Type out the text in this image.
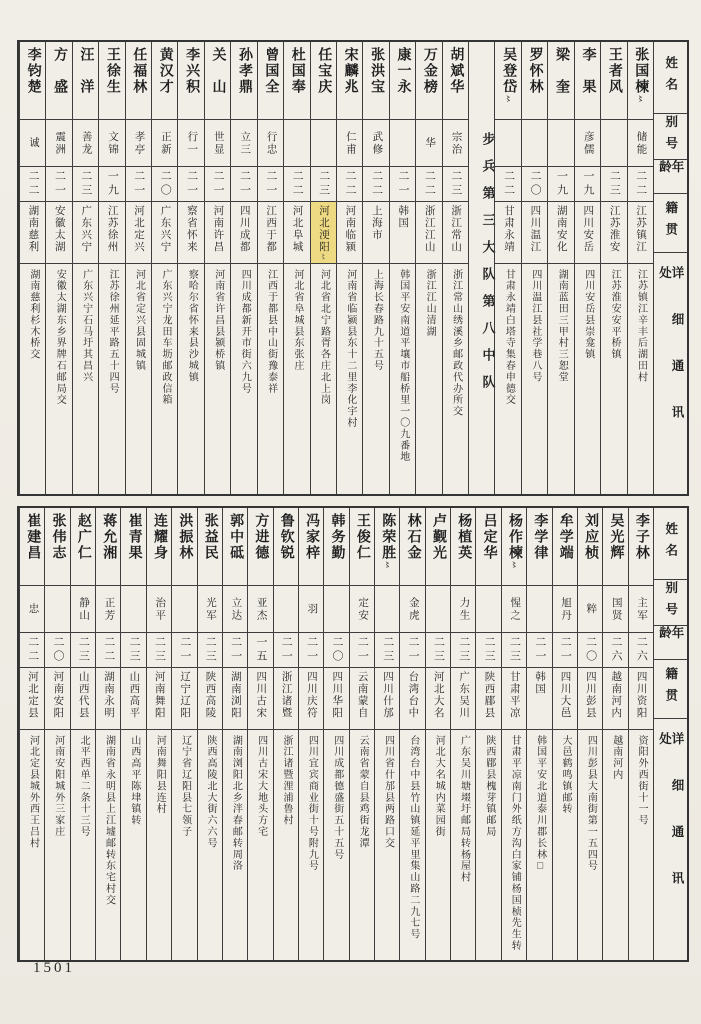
姓名
别号
年龄
籍贯
详细通讯处
张国楝〻
储能
二二
江苏镇江
江苏镇江辛丰后湖田村
王者风
二三
江苏淮安
江苏淮安安平桥镇
李果
彦儒
一九
四川安岳
四川安岳县崇龛镇
梁奎
一九
湖南安化
湖南蓝田三甲村三恕堂
罗怀林
二〇
四川温江
四川温江县社学巷八号
吴登岱〻
二二
甘肃永靖
甘肃永靖白塔寺集春申德交
步兵第三大队第八中队
胡斌华
宗治
二三
浙江常山
浙江常山绣溪乡邮政代办所交
万金榜
华
二二
浙江江山
浙江江山清湖
康一永
二一
韩国
韩国平安南道平壤市船桥里一〇九番地
张洪宝
武修
二二
上海市
上海长春路九十五号
宋麟兆
仁甫
二二
河南临颍
河南省临颍县东十二里李化宇村
任宝庆
二三
河北浭阳〻
河北省北宁路胥各庄北上岗
杜国奉
二二
河北阜城
河北省阜城县东张庄
曾国全
行忠
二一
江西于都
江西于都县中山街豫泰祥
孙孝鼎
立三
二一
四川成都
四川成都新开市街六九号
关山
世显
二一
河南许昌
河南省许昌县颍桥镇
李兴积
行一
二一
察省怀来
察哈尔省怀来县沙城镇
黄汉才
正新
二〇
广东兴宁
广东兴宁龙田车坜邮政信箱
任福林
孝亭
二一
河北定兴
河北省定兴县固城镇
王徐生
文锦
一九
江苏徐州
江苏徐州延平路五十四号
汪洋
善龙
二三
广东兴宁
广东兴宁石马圩其昌兴
方盛
震洲
二一
安徽太湖
安徽太湖东乡界牌石邮局交
李钧楚
诚
二二
湖南慈利
湖南慈利杉木桥交
姓名
别号
年龄
籍贯
详细通讯处
李子林
主军
二六
四川资阳
资阳外西街十一号
吴光辉
国贤
二六
越南河内
越南河内
刘应桢
粹
二〇
四川彭县
四川彭县大南街第一五四号
牟学端
旭丹
二一
四川大邑
大邑鹤鸣镇邮转
李学律
二一
韩国
韩国平安北道泰川郡长林□
杨作楝〻
惺之
二三
甘肃平凉
甘肃平凉南门外纸方沟白家铺杨国桢先生转
吕定华
二三
陕西郿县
陕西郿县槐芽镇邮局
杨植英
力生
二三
广东吴川
广东吴川塘㙍圩邮局转杨屋村
卢觐光
二三
河北大名
河北大名城内菜园街
林石金
金虎
二一
台湾台中
台湾台中县竹山镇延平里集山路二九七号
陈荣胜〻
二三
四川什邡
四川省什邡县两路口交
王俊仁
定安
二一
云南蒙自
云南省蒙自县鸡街龙潭
韩务勤
二〇
四川华阳
四川成都德盛街五十五号
冯家梓
羽
二一
四川庆符
四川宜宾商业街十号附九号
鲁钦锐
二一
浙江诸暨
浙江诸暨浬浦鲁村
方进德
亚杰
一五
四川古宋
四川古宋大地头方宅
郭中砥
立达
二一
湖南浏阳
湖南浏阳北乡泮春邮转周洛
张益民
光军
二三
陕西高陵
陕西高陵北大街六六号
洪振林
二一
辽宁辽阳
辽宁省辽阳县七领子
连耀身
治平
二三
河南舞阳
河南舞阳县连村
崔青果
二三
山西高平
山西高平陈垏镇转
蒋允湘
正芳
二二
湖南永明
湖南省永明县上江墟邮转东宅村交
赵广仁
静山
二三
山西代县
北平西单二条十三号
张伟志
二〇
河南安阳
河南安阳城外三家庄
崔建昌
忠
二二
河北定县
河北定县城外西王吕村
1501
